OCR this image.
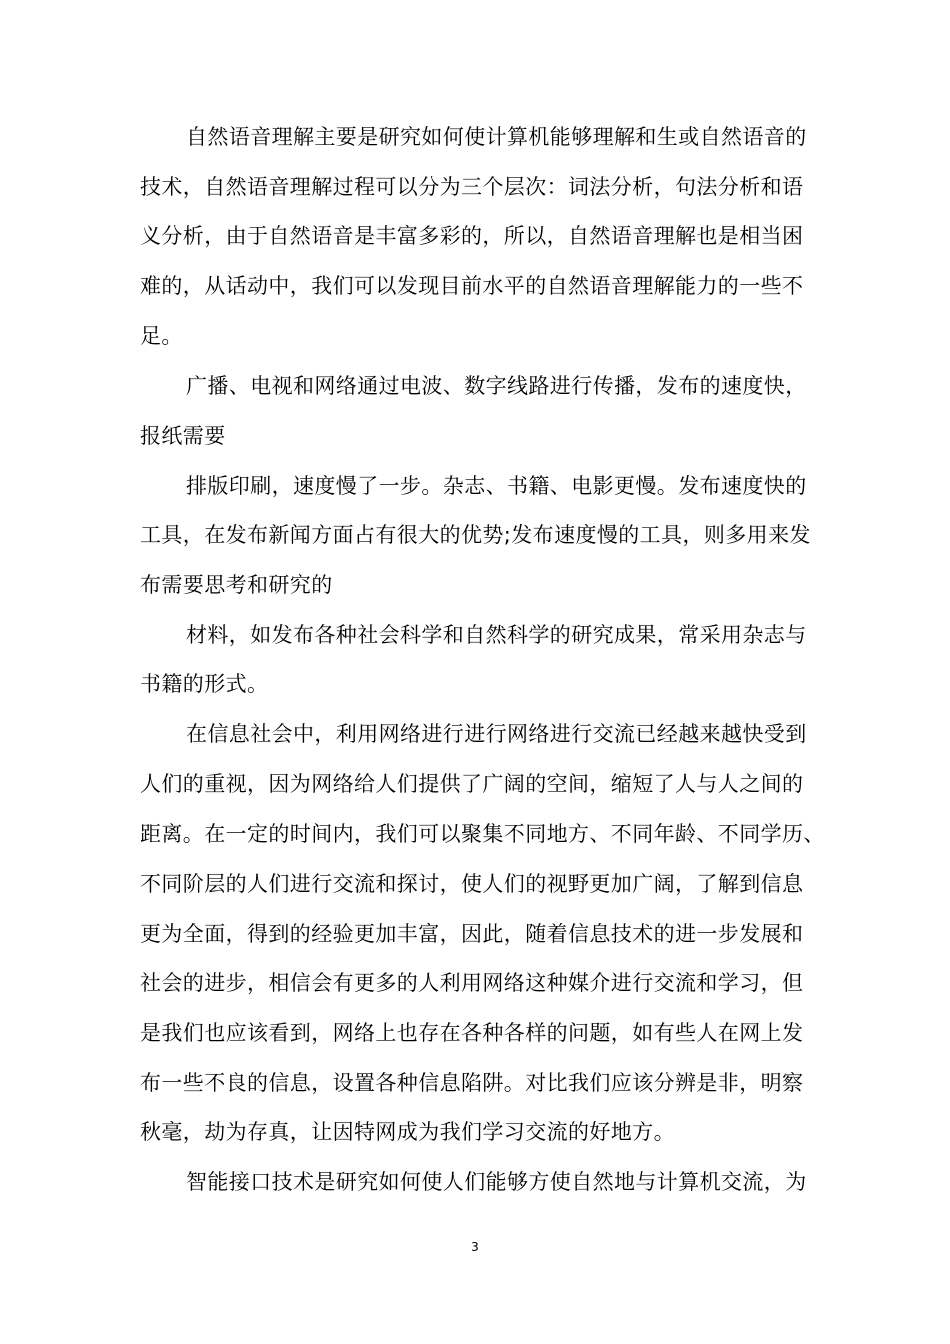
自然语音理解主要是研究如何使计算机能够理解和生或自然语音的
技术，自然语音理解过程可以分为三个层次：词法分析，句法分析和语
义分析，由于自然语音是丰富多彩的，所以，自然语音理解也是相当困
难的，从话动中，我们可以发现目前水平的自然语音理解能力的一些不
足。
广播、电视和网络通过电波、数字线路进行传播，发布的速度快，
报纸需要
排版印刷，速度慢了一步。杂志、书籍、电影更慢。发布速度快的
工具，在发布新闻方面占有很大的优势;发布速度慢的工具，则多用来发
布需要思考和研究的
材料，如发布各种社会科学和自然科学的研究成果，常采用杂志与
书籍的形式。
在信息社会中，利用网络进行进行网络进行交流已经越来越快受到
人们的重视，因为网络给人们提供了广阔的空间，缩短了人与人之间的
距离。在一定的时间内，我们可以聚集不同地方、不同年龄、不同学历、
不同阶层的人们进行交流和探讨，使人们的视野更加广阔，了解到信息
更为全面，得到的经验更加丰富，因此，随着信息技术的进一步发展和
社会的进步，相信会有更多的人利用网络这种媒介进行交流和学习，但
是我们也应该看到，网络上也存在各种各样的问题，如有些人在网上发
布一些不良的信息，设置各种信息陷阱。对比我们应该分辨是非，明察
秋毫，劫为存真，让因特网成为我们学习交流的好地方。
智能接口技术是研究如何使人们能够方使自然地与计算机交流，为
3
